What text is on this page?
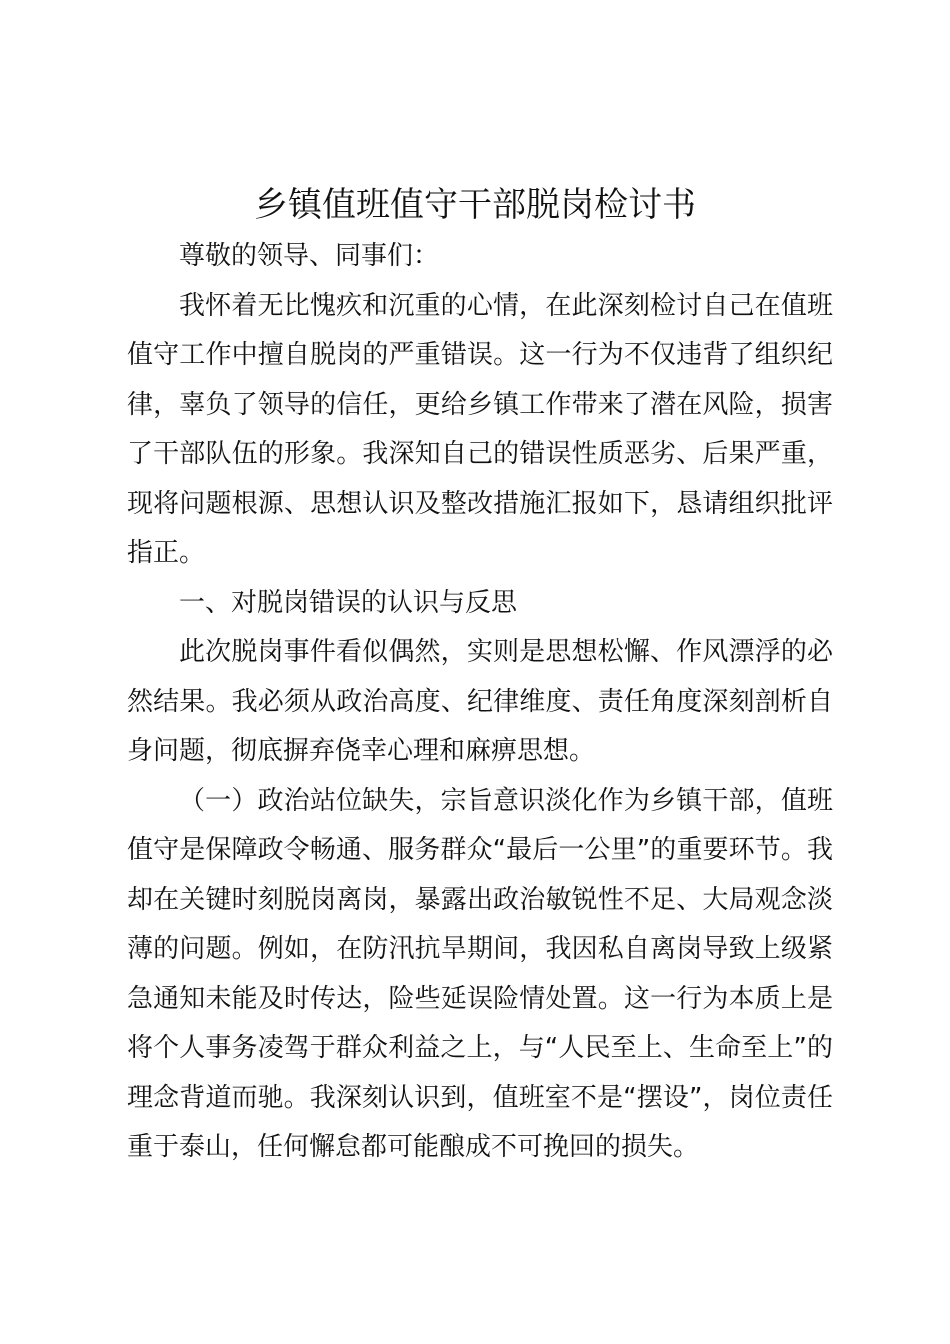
乡镇值班值守干部脱岗检讨书

尊敬的领导、同事们：

我怀着无比愧疚和沉重的心情，在此深刻检讨自己在值班值守工作中擅自脱岗的严重错误。这一行为不仅违背了组织纪律，辜负了领导的信任，更给乡镇工作带来了潜在风险，损害了干部队伍的形象。我深知自己的错误性质恶劣、后果严重，现将问题根源、思想认识及整改措施汇报如下，恳请组织批评指正。

一、对脱岗错误的认识与反思

此次脱岗事件看似偶然，实则是思想松懈、作风漂浮的必然结果。我必须从政治高度、纪律维度、责任角度深刻剖析自身问题，彻底摒弃侥幸心理和麻痹思想。

（一）政治站位缺失，宗旨意识淡化作为乡镇干部，值班值守是保障政令畅通、服务群众“最后一公里”的重要环节。我却在关键时刻脱岗离岗，暴露出政治敏锐性不足、大局观念淡薄的问题。例如，在防汛抗旱期间，我因私自离岗导致上级紧急通知未能及时传达，险些延误险情处置。这一行为本质上是将个人事务凌驾于群众利益之上，与“人民至上、生命至上”的理念背道而驰。我深刻认识到，值班室不是“摆设”，岗位责任重于泰山，任何懈怠都可能酿成不可挽回的损失。
